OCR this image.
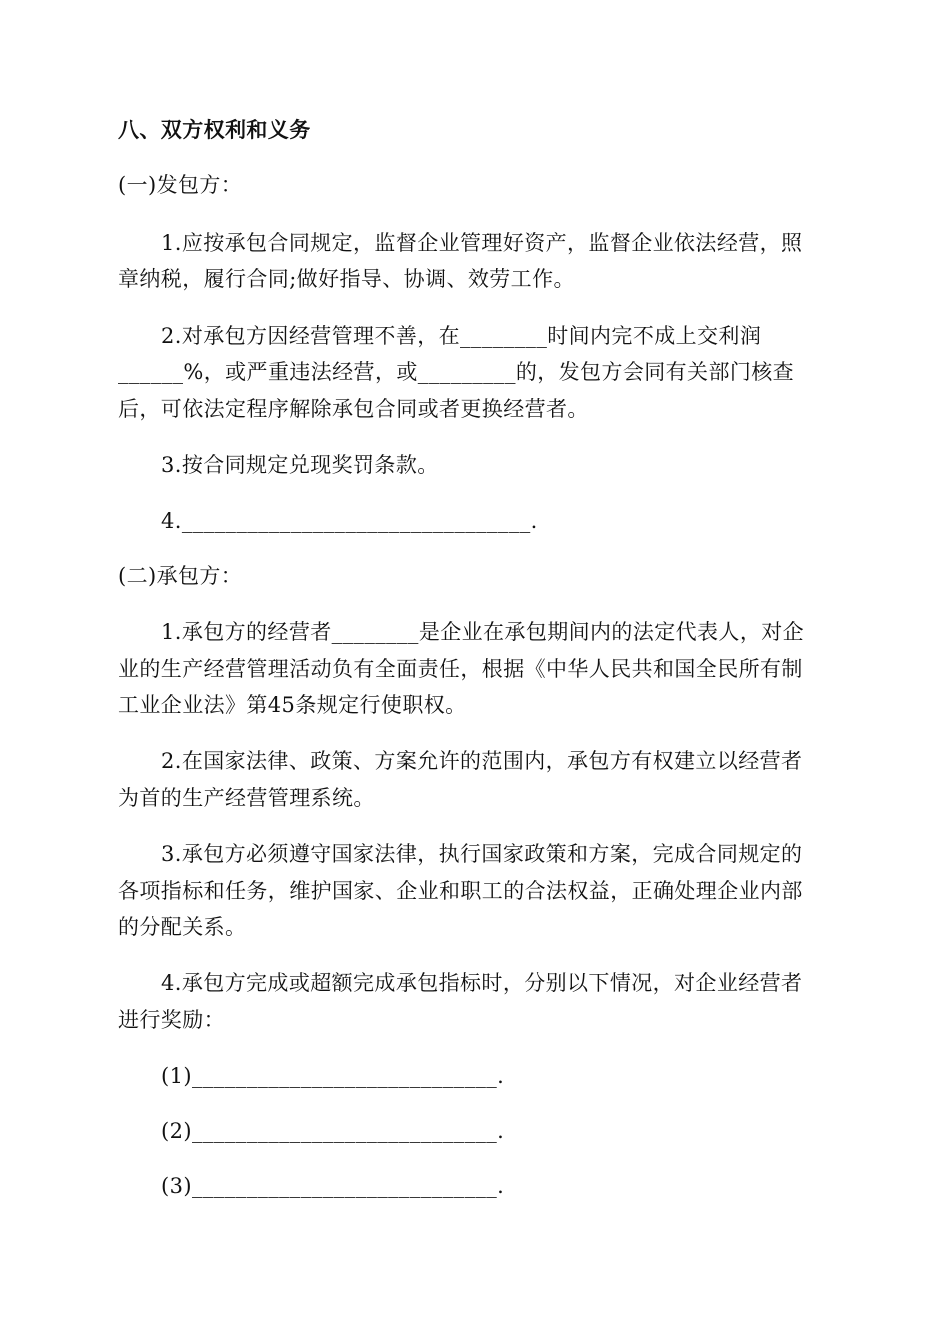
八、双方权利和义务
(一)发包方：
1.应按承包合同规定，监督企业管理好资产，监督企业依法经营，照
章纳税，履行合同;做好指导、协调、效劳工作。
2.对承包方因经营管理不善，在________时间内完不成上交利润
______%，或严重违法经营，或_________的，发包方会同有关部门核查
后，可依法定程序解除承包合同或者更换经营者。
3.按合同规定兑现奖罚条款。
4.________________________________.
(二)承包方：
1.承包方的经营者________是企业在承包期间内的法定代表人，对企
业的生产经营管理活动负有全面责任，根据《中华人民共和国全民所有制
工业企业法》第45条规定行使职权。
2.在国家法律、政策、方案允许的范围内，承包方有权建立以经营者
为首的生产经营管理系统。
3.承包方必须遵守国家法律，执行国家政策和方案，完成合同规定的
各项指标和任务，维护国家、企业和职工的合法权益，正确处理企业内部
的分配关系。
4.承包方完成或超额完成承包指标时，分别以下情况，对企业经营者
进行奖励：
(1)____________________________.
(2)____________________________.
(3)____________________________.
